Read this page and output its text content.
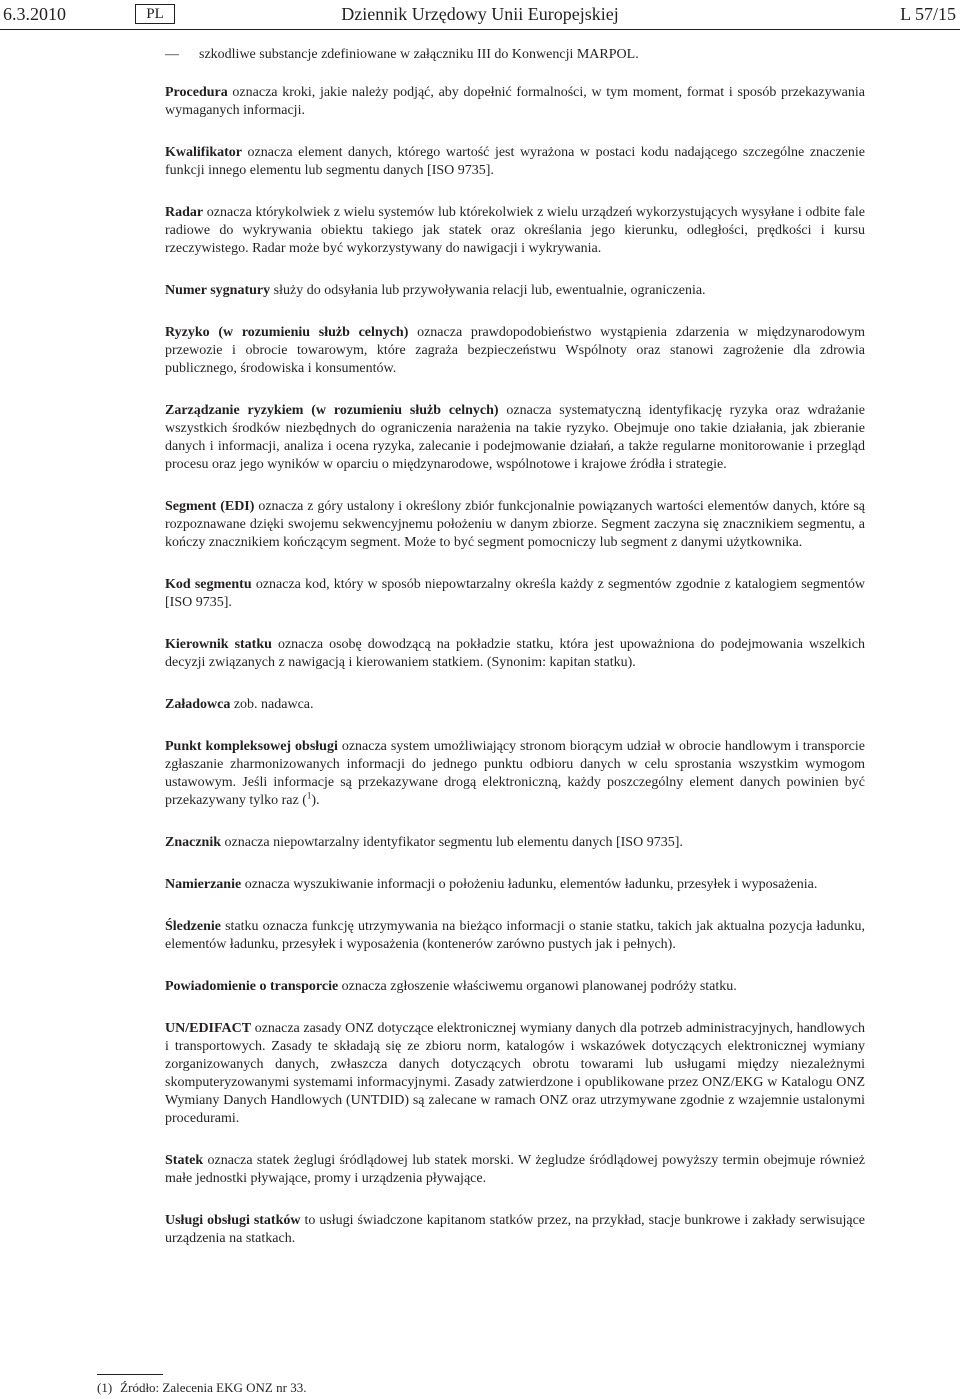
6.3.2010	PL	Dziennik Urzędowy Unii Europejskiej	L 57/15

— szkodliwe substancje zdefiniowane w załączniku III do Konwencji MARPOL.

Procedura oznacza kroki, jakie należy podjąć, aby dopełnić formalności, w tym moment, format i sposób przekazywania wymaganych informacji.

Kwalifikator oznacza element danych, którego wartość jest wyrażona w postaci kodu nadającego szczególne znaczenie funkcji innego elementu lub segmentu danych [ISO 9735].

Radar oznacza którykolwiek z wielu systemów lub którekolwiek z wielu urządzeń wykorzystujących wysyłane i odbite fale radiowe do wykrywania obiektu takiego jak statek oraz określania jego kierunku, odległości, prędkości i kursu rzeczywistego. Radar może być wykorzystywany do nawigacji i wykrywania.

Numer sygnatury służy do odsyłania lub przywoływania relacji lub, ewentualnie, ograniczenia.

Ryzyko (w rozumieniu służb celnych) oznacza prawdopodobieństwo wystąpienia zdarzenia w międzynarodowym przewozie i obrocie towarowym, które zagraża bezpieczeństwu Wspólnoty oraz stanowi zagrożenie dla zdrowia publicznego, środowiska i konsumentów.

Zarządzanie ryzykiem (w rozumieniu służb celnych) oznacza systematyczną identyfikację ryzyka oraz wdrażanie wszystkich środków niezbędnych do ograniczenia narażenia na takie ryzyko. Obejmuje ono takie działania, jak zbieranie danych i informacji, analiza i ocena ryzyka, zalecanie i podejmowanie działań, a także regularne monitorowanie i przegląd procesu oraz jego wyników w oparciu o międzynarodowe, wspólnotowe i krajowe źródła i strategie.

Segment (EDI) oznacza z góry ustalony i określony zbiór funkcjonalnie powiązanych wartości elementów danych, które są rozpoznawane dzięki swojemu sekwencyjnemu położeniu w danym zbiorze. Segment zaczyna się znacznikiem segmentu, a kończy znacznikiem kończącym segment. Może to być segment pomocniczy lub segment z danymi użytkownika.

Kod segmentu oznacza kod, który w sposób niepowtarzalny określa każdy z segmentów zgodnie z katalogiem segmentów [ISO 9735].

Kierownik statku oznacza osobę dowodzącą na pokładzie statku, która jest upoważniona do podejmowania wszelkich decyzji związanych z nawigacją i kierowaniem statkiem. (Synonim: kapitan statku).

Załadowca zob. nadawca.

Punkt kompleksowej obsługi oznacza system umożliwiający stronom biorącym udział w obrocie handlowym i transporcie zgłaszanie zharmonizowanych informacji do jednego punktu odbioru danych w celu sprostania wszystkim wymogom ustawowym. Jeśli informacje są przekazywane drogą elektroniczną, każdy poszczególny element danych powinien być przekazywany tylko raz ($^1$).

Znacznik oznacza niepowtarzalny identyfikator segmentu lub elementu danych [ISO 9735].

Namierzanie oznacza wyszukiwanie informacji o położeniu ładunku, elementów ładunku, przesyłek i wyposażenia.

Śledzenie statku oznacza funkcję utrzymywania na bieżąco informacji o stanie statku, takich jak aktualna pozycja ładunku, elementów ładunku, przesyłek i wyposażenia (kontenerów zarówno pustych jak i pełnych).

Powiadomienie o transporcie oznacza zgłoszenie właściwemu organowi planowanej podróży statku.

UN/EDIFACT oznacza zasady ONZ dotyczące elektronicznej wymiany danych dla potrzeb administracyjnych, handlowych i transportowych. Zasady te składają się ze zbioru norm, katalogów i wskazówek dotyczących elektronicznej wymiany zorganizowanych danych, zwłaszcza danych dotyczących obrotu towarami lub usługami między niezależnymi skomputeryzowanymi systemami informacyjnymi. Zasady zatwierdzone i opublikowane przez ONZ/EKG w Katalogu ONZ Wymiany Danych Handlowych (UNTDID) są zalecane w ramach ONZ oraz utrzymywane zgodnie z wzajemnie ustalonymi procedurami.

Statek oznacza statek żeglugi śródlądowej lub statek morski. W żegludze śródlądowej powyższy termin obejmuje również małe jednostki pływające, promy i urządzenia pływające.

Usługi obsługi statków to usługi świadczone kapitanom statków przez, na przykład, stacje bunkrowe i zakłady serwisujące urządzenia na statkach.

(1) Źródło: Zalecenia EKG ONZ nr 33.
